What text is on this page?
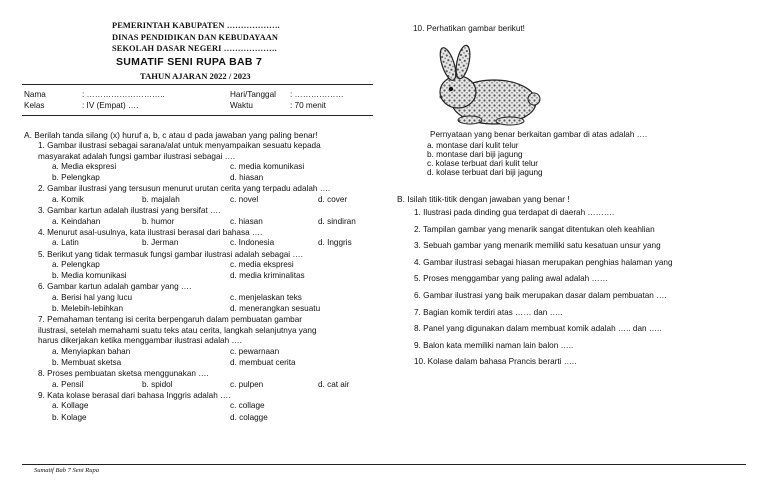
PEMERINTAH KABUPATEN ……………….
DINAS PENDIDIKAN DAN KEBUDAYAAN
SEKOLAH DASAR NEGERI ……………….
SUMATIF SENI RUPA BAB 7
TAHUN AJARAN 2022 / 2023
Nama	: ………………………..	Hari/Tanggal : ………………
Kelas	: IV (Empat) ….	Waktu	: 70 menit
A. Berilah tanda silang (x) huruf a, b, c atau d pada jawaban yang paling benar!
1. Gambar ilustrasi sebagai sarana/alat untuk menyampaikan sesuatu kepada
masyarakat adalah fungsi gambar ilustrasi sebagai ….
a. Media ekspresi	c. media komunikasi
b. Pelengkap	d. hiasan
2. Gambar ilustrasi yang tersusun menurut urutan cerita yang terpadu adalah ….
a. Komik	b. majalah	c. novel	d. cover
3. Gambar kartun adalah ilustrasi yang bersifat ….
a. Keindahan	b. humor	c. hiasan	d. sindiran
4. Menurut asal-usulnya, kata ilustrasi berasal dari bahasa ….
a. Latin	b. Jerman	c. Indonesia	d. Inggris
5. Berikut yang tidak termasuk fungsi gambar ilustrasi adalah sebagai ….
a. Pelengkap	c. media ekspresi
b. Media komunikasi	d. media kriminalitas
6. Gambar kartun adalah gambar yang ….
a. Berisi hal yang lucu	c. menjelaskan teks
b. Melebih-lebihkan	d. menerangkan sesuatu
7. Pemahaman tentang isi cerita berpengaruh dalam pembuatan gambar
ilustrasi, setelah memahami suatu teks atau cerita, langkah selanjutnya yang
harus dikerjakan ketika menggambar ilustrasi adalah ….
a. Menyiapkan bahan	c. pewarnaan
b. Membuat sketsa	d. membuat cerita
8. Proses pembuatan sketsa menggunakan ….
a. Pensil	b. spidol	c. pulpen	d. cat air
9. Kata kolase berasal dari bahasa Inggris adalah ….
a. Kollage	c. collage
b. Kolage	d. colagge
10. Perhatikan gambar berikut!
Pernyataan yang benar berkaitan gambar di atas adalah ….
a. montase dari kulit telur
b. montase dari biji jagung
c. kolase terbuat dari kulit telur
d. kolase terbuat dari biji jagung
B. Isilah titik-titik dengan jawaban yang benar !
1. Ilustrasi pada dinding gua terdapat di daerah ……….
2. Tampilan gambar yang menarik sangat ditentukan oleh keahlian
3. Sebuah gambar yang menarik memiliki satu kesatuan unsur yang
4. Gambar ilustrasi sebagai hiasan merupakan penghias halaman yang
5. Proses menggambar yang paling awal adalah ……
6. Gambar ilustrasi yang baik merupakan dasar dalam pembuatan ….
7. Bagian komik terdiri atas …… dan …..
8. Panel yang digunakan dalam membuat komik adalah ….. dan …..
9. Balon kata memiliki naman lain balon …..
10. Kolase dalam bahasa Prancis berarti …..
Sumatif Bab 7 Seni Rupa
